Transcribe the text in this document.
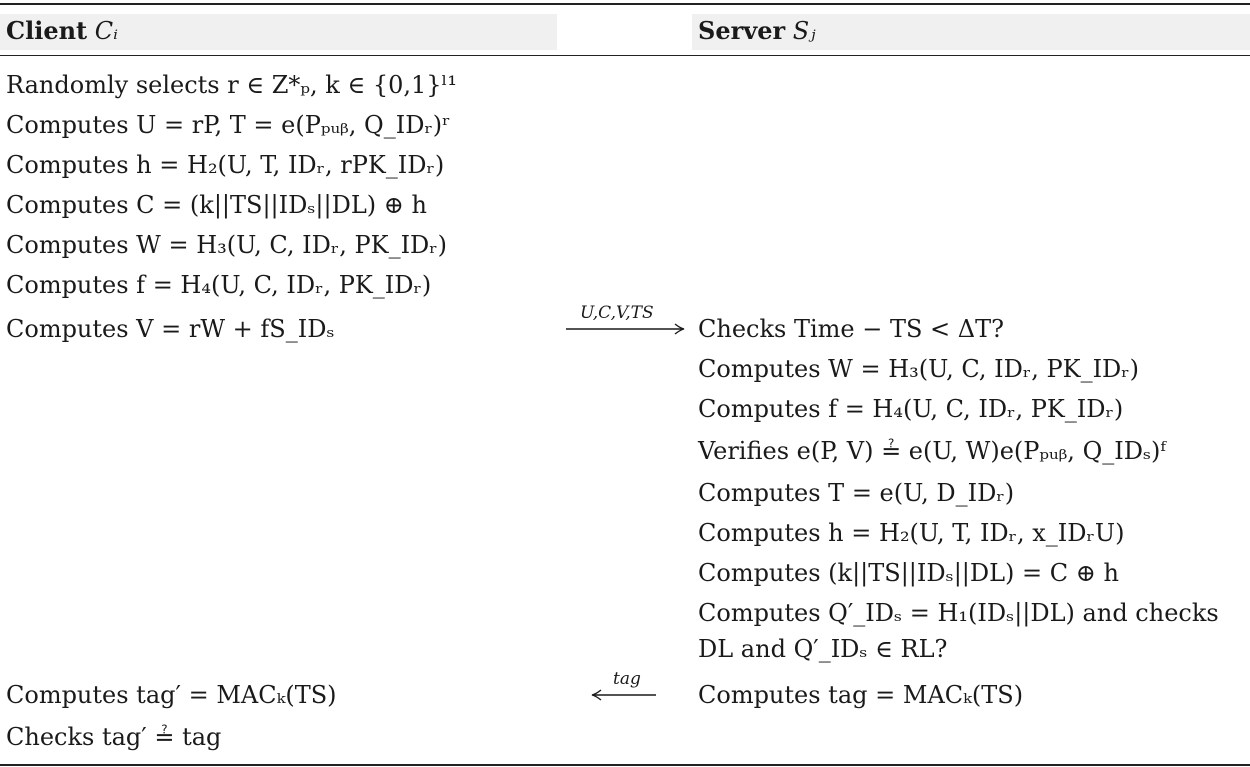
Client Cᵢ	Server Sⱼ
Randomly selects r ∈ Z*ₚ, k ∈ {0,1}ˡ¹
Computes U = rP, T = e(Pₚᵤᵦ, Q_IDᵣ)ʳ
Computes h = H₂(U, T, IDᵣ, rPK_IDᵣ)
Computes C = (k||TS||IDₛ||DL) ⊕ h
Computes W = H₃(U, C, IDᵣ, PK_IDᵣ)
Computes f = H₄(U, C, IDᵣ, PK_IDᵣ)
Computes V = rW + fS_IDₛ
U,C,V,TS
Checks Time − TS < ΔT?
Computes W = H₃(U, C, IDᵣ, PK_IDᵣ)
Computes f = H₄(U, C, IDᵣ, PK_IDᵣ)
Verifies e(P, V) ≟ e(U, W)e(Pₚᵤᵦ, Q_IDₛ)ᶠ
Computes T = e(U, D_IDᵣ)
Computes h = H₂(U, T, IDᵣ, x_IDᵣU)
Computes (k||TS||IDₛ||DL) = C ⊕ h
Computes Q′_IDₛ = H₁(IDₛ||DL) and checks
DL and Q′_IDₛ ∈ RL?
Computes tag = MACₖ(TS)
tag
Computes tag′ = MACₖ(TS)
Checks tag′ ≟ tag
